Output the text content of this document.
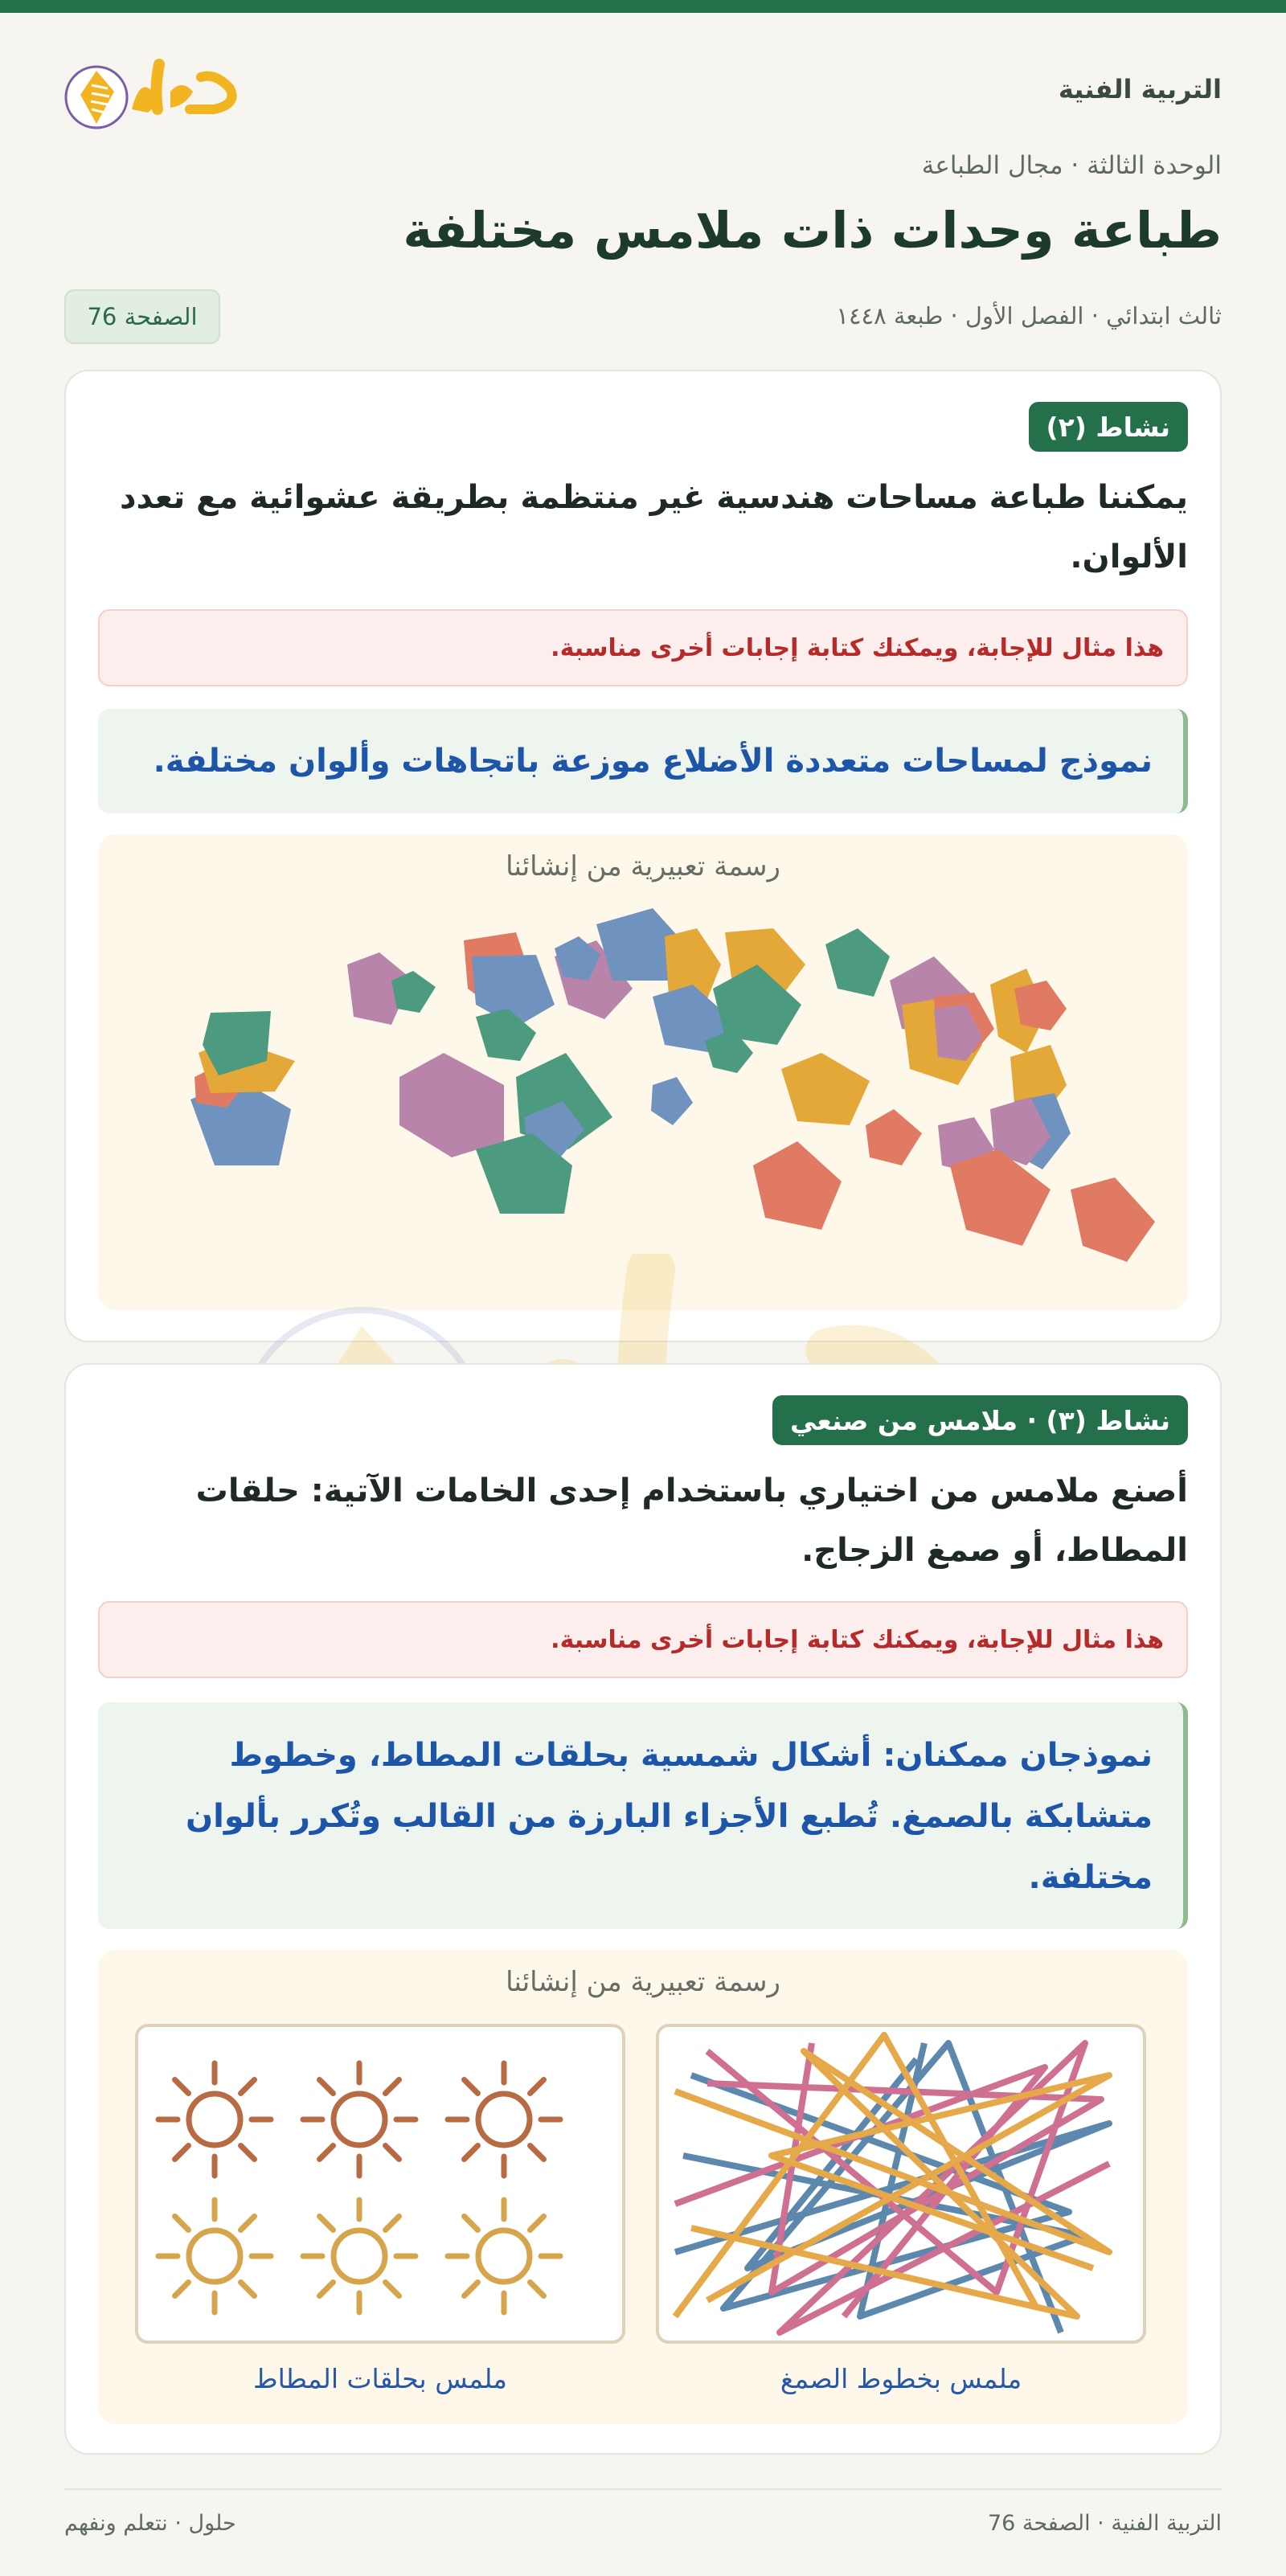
التربية الفنية
حلول
الوحدة الثالثة · مجال الطباعة
طباعة وحدات ذات ملامس مختلفة
ثالث ابتدائي · الفصل الأول · طبعة ١٤٤٨
الصفحة 76
نشاط (٢)

يمكننا طباعة مساحات هندسية غير منتظمة بطريقة عشوائية مع تعدد الألوان.

هذا مثال للإجابة، ويمكنك كتابة إجابات أخرى مناسبة.
نموذج لمساحات متعددة الأضلاع موزعة باتجاهات وألوان مختلفة.
رسمة تعبيرية من إنشائنا
نشاط (٣) · ملامس من صنعي

أصنع ملامس من اختياري باستخدام إحدى الخامات الآتية: حلقات المطاط، أو صمغ الزجاج.

هذا مثال للإجابة، ويمكنك كتابة إجابات أخرى مناسبة.
نموذجان ممكنان: أشكال شمسية بحلقات المطاط، وخطوط متشابكة بالصمغ. تُطبع الأجزاء البارزة من القالب وتُكرر بألوان مختلفة.
رسمة تعبيرية من إنشائنا
ملمس بخطوط الصمغ
ملمس بحلقات المطاط
التربية الفنية · الصفحة 76
حلول · نتعلم ونفهم
